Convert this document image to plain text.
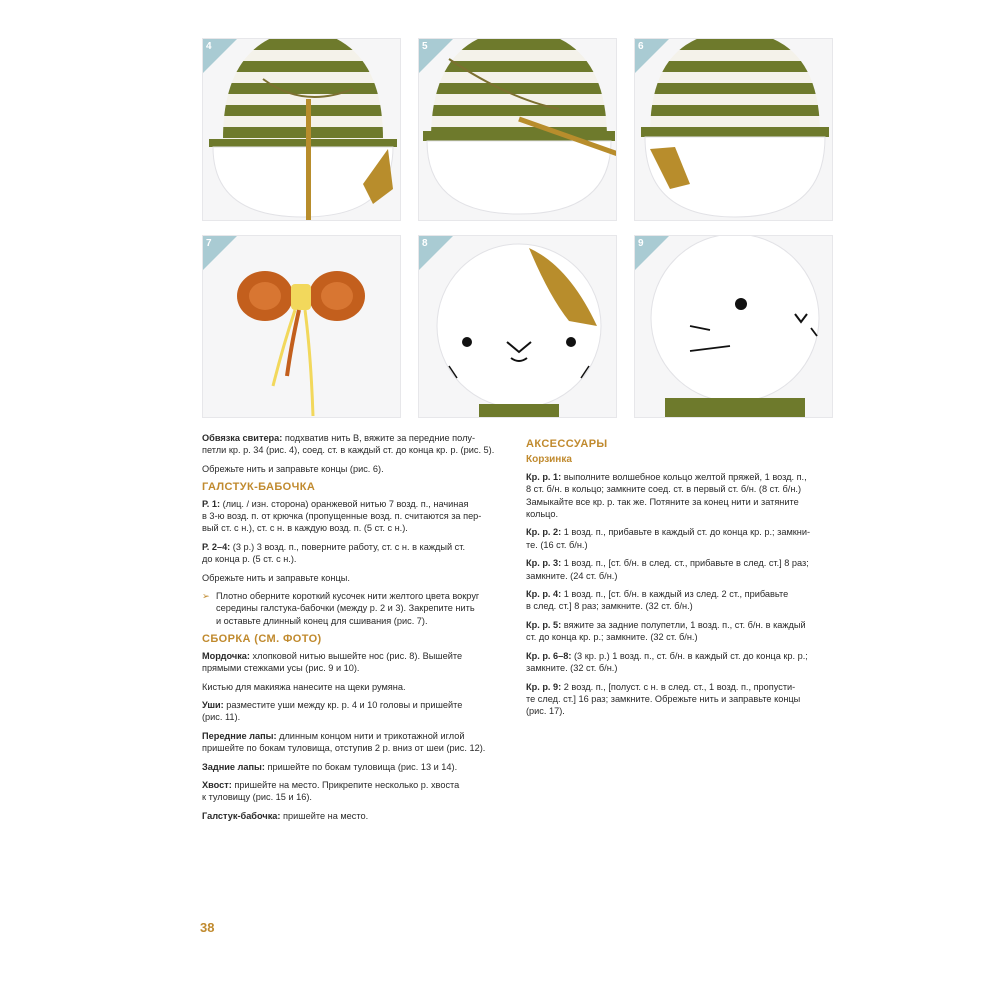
4	5	6
7	8	9

Обвязка свитера: подхватив нить В, вяжите за передние полу-
петли кр. р. 34 (рис. 4), соед. ст. в каждый ст. до конца кр. р. (рис. 5).

Обрежьте нить и заправьте концы (рис. 6).

ГАЛСТУК-БАБОЧКА

Р. 1: (лиц. / изн. сторона) оранжевой нитью 7 возд. п., начиная
в 3-ю возд. п. от крючка (пропущенные возд. п. считаются за пер-
вый ст. с н.), ст. с н. в каждую возд. п. (5 ст. с н.).

Р. 2–4: (3 р.) 3 возд. п., поверните работу, ст. с н. в каждый ст.
до конца р. (5 ст. с н.).

Обрежьте нить и заправьте концы.

➢ Плотно оберните короткий кусочек нити желтого цвета вокруг
середины галстука-бабочки (между р. 2 и 3). Закрепите нить
и оставьте длинный конец для сшивания (рис. 7).

СБОРКА (СМ. ФОТО)

Мордочка: хлопковой нитью вышейте нос (рис. 8). Вышейте
прямыми стежками усы (рис. 9 и 10).

Кистью для макияжа нанесите на щеки румяна.

Уши: разместите уши между кр. р. 4 и 10 головы и пришейте
(рис. 11).

Передние лапы: длинным концом нити и трикотажной иглой
пришейте по бокам туловища, отступив 2 р. вниз от шеи (рис. 12).

Задние лапы: пришейте по бокам туловища (рис. 13 и 14).

Хвост: пришейте на место. Прикрепите несколько р. хвоста
к туловищу (рис. 15 и 16).

Галстук-бабочка: пришейте на место.

АКСЕССУАРЫ
Корзинка

Кр. р. 1: выполните волшебное кольцо желтой пряжей, 1 возд. п.,
8 ст. б/н. в кольцо; замкните соед. ст. в первый ст. б/н. (8 ст. б/н.)
Замыкайте все кр. р. так же. Потяните за конец нити и затяните
кольцо.

Кр. р. 2: 1 возд. п., прибавьте в каждый ст. до конца кр. р.; замкни-
те. (16 ст. б/н.)

Кр. р. 3: 1 возд. п., [ст. б/н. в след. ст., прибавьте в след. ст.] 8 раз;
замкните. (24 ст. б/н.)

Кр. р. 4: 1 возд. п., [ст. б/н. в каждый из след. 2 ст., прибавьте
в след. ст.] 8 раз; замкните. (32 ст. б/н.)

Кр. р. 5: вяжите за задние полупетли, 1 возд. п., ст. б/н. в каждый
ст. до конца кр. р.; замкните. (32 ст. б/н.)

Кр. р. 6–8: (3 кр. р.) 1 возд. п., ст. б/н. в каждый ст. до конца кр. р.;
замкните. (32 ст. б/н.)

Кр. р. 9: 2 возд. п., [полуст. с н. в след. ст., 1 возд. п., пропусти-
те след. ст.] 16 раз; замкните. Обрежьте нить и заправьте концы
(рис. 17).

38
